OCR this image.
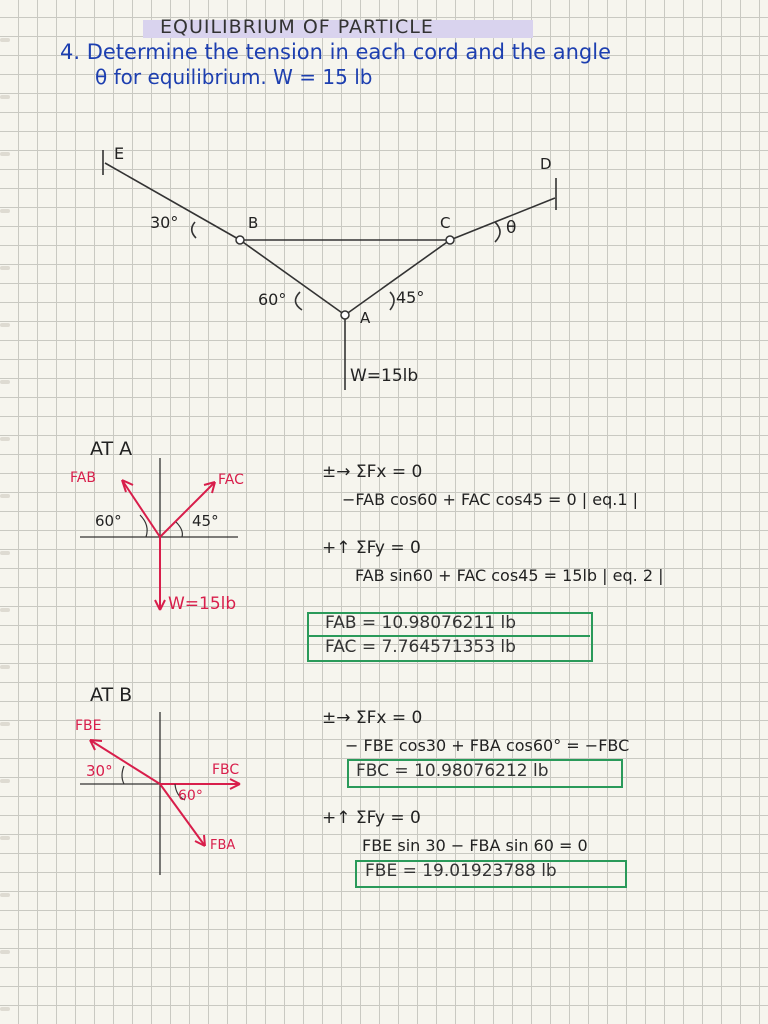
EQUILIBRIUM OF PARTICLE
4. Determine the tension in each cord and the angle
θ for equilibrium. W = 15 lb
E
D
B	C
A
30°	θ
60°	45°
W=15lb
AT A
FAB	FAC
60°	45°
W=15lb
±→ ΣFx = 0
−FAB cos60 + FAC cos45 = 0 | eq.1 |
+↑ ΣFy = 0
FAB sin60 + FAC cos45 = 15lb | eq. 2 |
FAB = 10.98076211 lb
FAC = 7.764571353 lb
AT B
FBE
FBC
FBA
30°
60°
±→ ΣFx = 0
− FBE cos30 + FBA cos60° = −FBC
FBC = 10.98076212 lb
+↑ ΣFy = 0
FBE sin 30 − FBA sin 60 = 0
FBE = 19.01923788 lb
